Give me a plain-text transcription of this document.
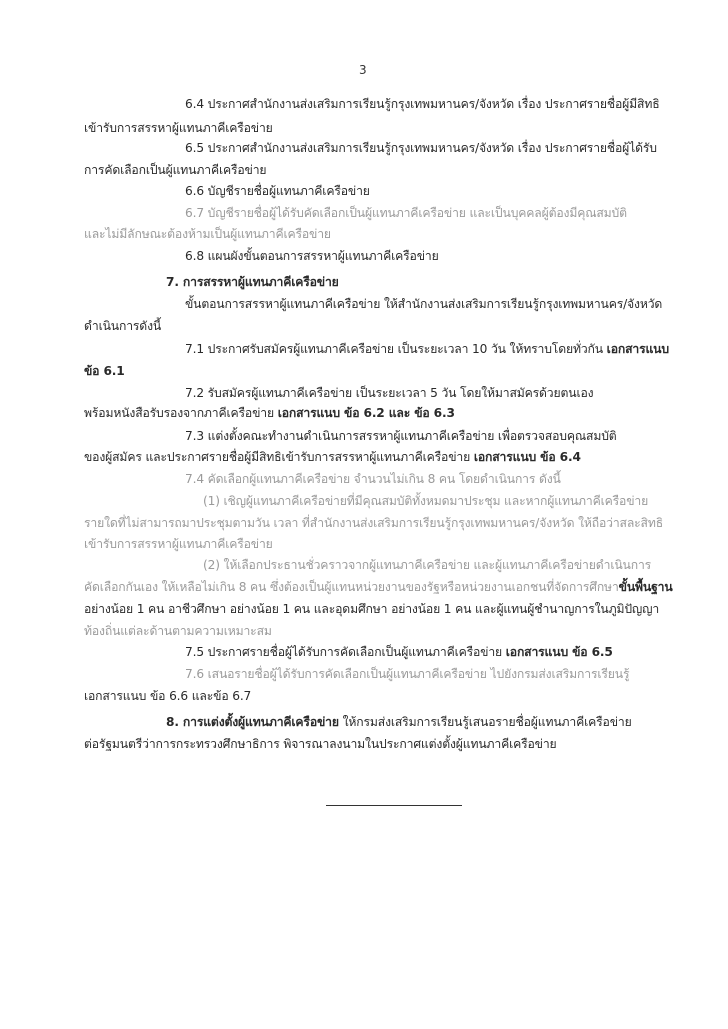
3
6.4 ประกาศสำนักงานส่งเสริมการเรียนรู้กรุงเทพมหานคร/จังหวัด เรื่อง ประกาศรายชื่อผู้มีสิทธิ
เข้ารับการสรรหาผู้แทนภาคีเครือข่าย
6.5 ประกาศสำนักงานส่งเสริมการเรียนรู้กรุงเทพมหานคร/จังหวัด เรื่อง ประกาศรายชื่อผู้ได้รับ
การคัดเลือกเป็นผู้แทนภาคีเครือข่าย
6.6 บัญชีรายชื่อผู้แทนภาคีเครือข่าย
6.7 บัญชีรายชื่อผู้ได้รับคัดเลือกเป็นผู้แทนภาคีเครือข่าย และเป็นบุคคลผู้ต้องมีคุณสมบัติ
และไม่มีลักษณะต้องห้ามเป็นผู้แทนภาคีเครือข่าย
6.8 แผนผังขั้นตอนการสรรหาผู้แทนภาคีเครือข่าย
7. การสรรหาผู้แทนภาคีเครือข่าย
ขั้นตอนการสรรหาผู้แทนภาคีเครือข่าย ให้สำนักงานส่งเสริมการเรียนรู้กรุงเทพมหานคร/จังหวัด
ดำเนินการดังนี้
7.1 ประกาศรับสมัครผู้แทนภาคีเครือข่าย เป็นระยะเวลา 10 วัน ให้ทราบโดยทั่วกัน เอกสารแนบ
ข้อ 6.1
7.2 รับสมัครผู้แทนภาคีเครือข่าย เป็นระยะเวลา 5 วัน โดยให้มาสมัครด้วยตนเอง
พร้อมหนังสือรับรองจากภาคีเครือข่าย เอกสารแนบ ข้อ 6.2 และ ข้อ 6.3
7.3 แต่งตั้งคณะทำงานดำเนินการสรรหาผู้แทนภาคีเครือข่าย เพื่อตรวจสอบคุณสมบัติ
ของผู้สมัคร และประกาศรายชื่อผู้มีสิทธิเข้ารับการสรรหาผู้แทนภาคีเครือข่าย เอกสารแนบ ข้อ 6.4
7.4 คัดเลือกผู้แทนภาคีเครือข่าย จำนวนไม่เกิน 8 คน โดยดำเนินการ ดังนี้
(1) เชิญผู้แทนภาคีเครือข่ายที่มีคุณสมบัติทั้งหมดมาประชุม และหากผู้แทนภาคีเครือข่าย
รายใดที่ไม่สามารถมาประชุมตามวัน เวลา ที่สำนักงานส่งเสริมการเรียนรู้กรุงเทพมหานคร/จังหวัด ให้ถือว่าสละสิทธิ
เข้ารับการสรรหาผู้แทนภาคีเครือข่าย
(2) ให้เลือกประธานชั่วคราวจากผู้แทนภาคีเครือข่าย และผู้แทนภาคีเครือข่ายดำเนินการ
คัดเลือกกันเอง ให้เหลือไม่เกิน 8 คน ซึ่งต้องเป็นผู้แทนหน่วยงานของรัฐหรือหน่วยงานเอกชนที่จัดการศึกษาขั้นพื้นฐาน
อย่างน้อย 1 คน อาชีวศึกษา อย่างน้อย 1 คน และอุดมศึกษา อย่างน้อย 1 คน และผู้แทนผู้ชำนาญการในภูมิปัญญา
ท้องถิ่นแต่ละด้านตามความเหมาะสม
7.5 ประกาศรายชื่อผู้ได้รับการคัดเลือกเป็นผู้แทนภาคีเครือข่าย เอกสารแนบ ข้อ 6.5
7.6 เสนอรายชื่อผู้ได้รับการคัดเลือกเป็นผู้แทนภาคีเครือข่าย ไปยังกรมส่งเสริมการเรียนรู้
เอกสารแนบ ข้อ 6.6 และข้อ 6.7
8. การแต่งตั้งผู้แทนภาคีเครือข่าย ให้กรมส่งเสริมการเรียนรู้เสนอรายชื่อผู้แทนภาคีเครือข่าย
ต่อรัฐมนตรีว่าการกระทรวงศึกษาธิการ พิจารณาลงนามในประกาศแต่งตั้งผู้แทนภาคีเครือข่าย
